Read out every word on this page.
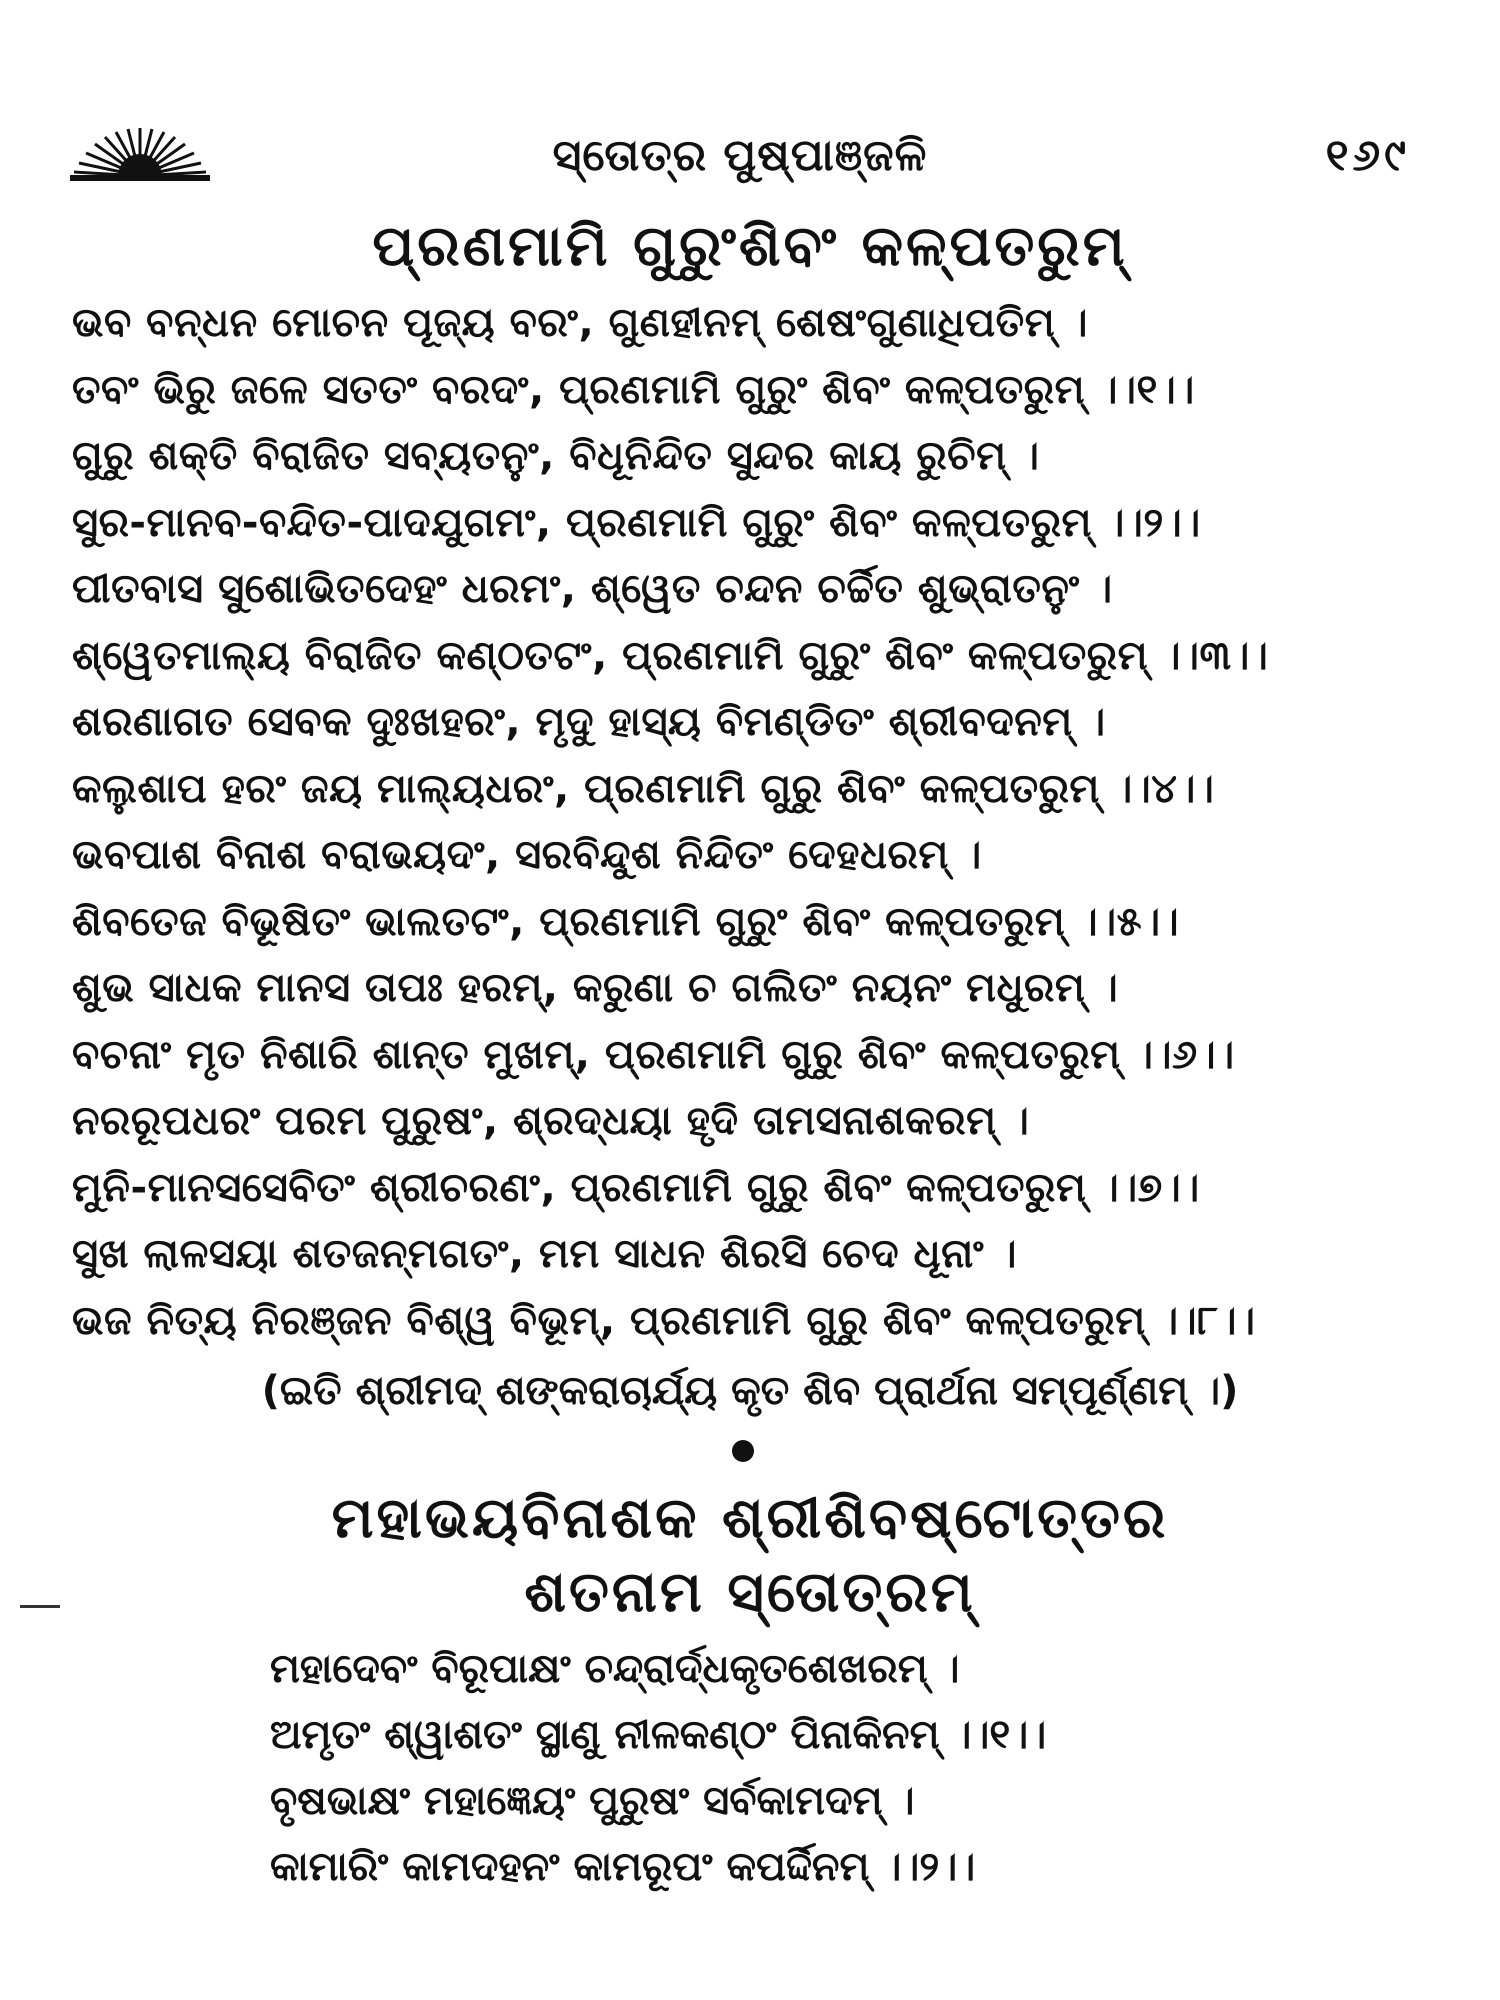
ସ୍ତୋତ୍ର ପୁଷ୍ପାଞ୍ଜଳି	୧୬୯
ପ୍ରଣମାମି ଗୁରୁଂଶିବଂ କଳ୍ପତରୁମ୍
ଭବ ବନ୍ଧନ ମୋଚନ ପୂଜ୍ୟ ବରଂ, ଗୁଣହୀନମ୍ ଶେଷଂଗୁଣାଧିପତିମ୍ ।
ତବଂ ଭିରୁ ଜଳେ ସତତଂ ବରଦଂ, ପ୍ରଣମାମି ଗୁରୁଂ ଶିବଂ କଳ୍ପତରୁମ୍ ।।୧।।
ଗୁରୁ ଶକ୍ତି ବିରାଜିତ ସବ୍ୟତନୁଂ, ବିଧୂନିନ୍ଦିତ ସୁନ୍ଦର କାୟ ରୁଚିମ୍ ।
ସୁର-ମାନବ-ବନ୍ଦିତ-ପାଦଯୁଗମଂ, ପ୍ରଣମାମି ଗୁରୁଂ ଶିବଂ କଳ୍ପତରୁମ୍ ।।୨।।
ପୀତବାସ ସୁଶୋଭିତଦେହଂ ଧରମଂ, ଶ୍ୱେତ ଚନ୍ଦନ ଚର୍ଚ୍ଚିତ ଶୁଭ୍ରାତନୁଂ ।
ଶ୍ୱେତମାଲ୍ୟ ବିରାଜିତ କଣ୍ଠତଟଂ, ପ୍ରଣମାମି ଗୁରୁଂ ଶିବଂ କଳ୍ପତରୁମ୍ ।।୩।।
ଶରଣାଗତ ସେବକ ଦୁଃଖହରଂ, ମୃଦୁ ହାସ୍ୟ ବିମଣ୍ଡିତଂ ଶ୍ରୀବଦନମ୍ ।
କଲୁଶାପ ହରଂ ଜୟ ମାଲ୍ୟଧରଂ, ପ୍ରଣମାମି ଗୁରୁ ଶିବଂ କଳ୍ପତରୁମ୍ ।।୪।।
ଭବପାଶ ବିନାଶ ବରାଭୟଦଂ, ସରବିନ୍ଦୁଶ ନିନ୍ଦିତଂ ଦେହଧରମ୍ ।
ଶିବତେଜ ବିଭୂଷିତଂ ଭାଲତଟଂ, ପ୍ରଣମାମି ଗୁରୁଂ ଶିବଂ କଳ୍ପତରୁମ୍ ।।୫।।
ଶୁଭ ସାଧକ ମାନସ ତାପଃ ହରମ୍, କରୁଣା ଚ ଗଲିତଂ ନୟନଂ ମଧୁରମ୍ ।
ବଚନାଂ ମୃତ ନିଶାରି ଶାନ୍ତ ମୁଖମ୍, ପ୍ରଣମାମି ଗୁରୁ ଶିବଂ କଳ୍ପତରୁମ୍ ।।୬।।
ନରରୂପଧରଂ ପରମ ପୁରୁଷଂ, ଶ୍ରଦ୍ଧୟା ହୃଦି ତାମସନାଶକରମ୍ ।
ମୁନି-ମାନସସେବିତଂ ଶ୍ରୀଚରଣଂ, ପ୍ରଣମାମି ଗୁରୁ ଶିବଂ କଳ୍ପତରୁମ୍ ।।୭।।
ସୁଖ ଲାଳସୟା ଶତଜନ୍ମଗତଂ, ମମ ସାଧନ ଶିରସି ଚେଦ ଧୂନାଂ ।
ଭଜ ନିତ୍ୟ ନିରଞ୍ଜନ ବିଶ୍ୱ ବିଭୂମ୍, ପ୍ରଣମାମି ଗୁରୁ ଶିବଂ କଳ୍ପତରୁମ୍ ।।୮।।
(ଇତି ଶ୍ରୀମଦ୍ ଶଙ୍କରାଚାର୍ଯ୍ୟ କୃତ ଶିବ ପ୍ରାର୍ଥନା ସମ୍ପୂର୍ଣ୍ଣମ୍ ।)
ମହାଭୟବିନାଶକ ଶ୍ରୀଶିବଷ୍ଟୋତ୍ତର
ଶତନାମ ସ୍ତୋତ୍ରମ୍
ମହାଦେବଂ ବିରୂପାକ୍ଷଂ ଚନ୍ଦ୍ରାର୍ଦ୍ଧକୃତଶେଖରମ୍ ।
ଅମୃତଂ ଶ୍ୱାଶତଂ ସ୍ଥାଣୁ ନୀଳକଣ୍ଠଂ ପିନାକିନମ୍ ।।୧।।
ବୃଷଭାକ୍ଷଂ ମହାଜ୍ଞେୟଂ ପୁରୁଷଂ ସର୍ବକାମଦମ୍ ।
କାମାରିଂ କାମଦହନଂ କାମରୂପଂ କପର୍ଦ୍ଦିନମ୍ ।।୨।।
